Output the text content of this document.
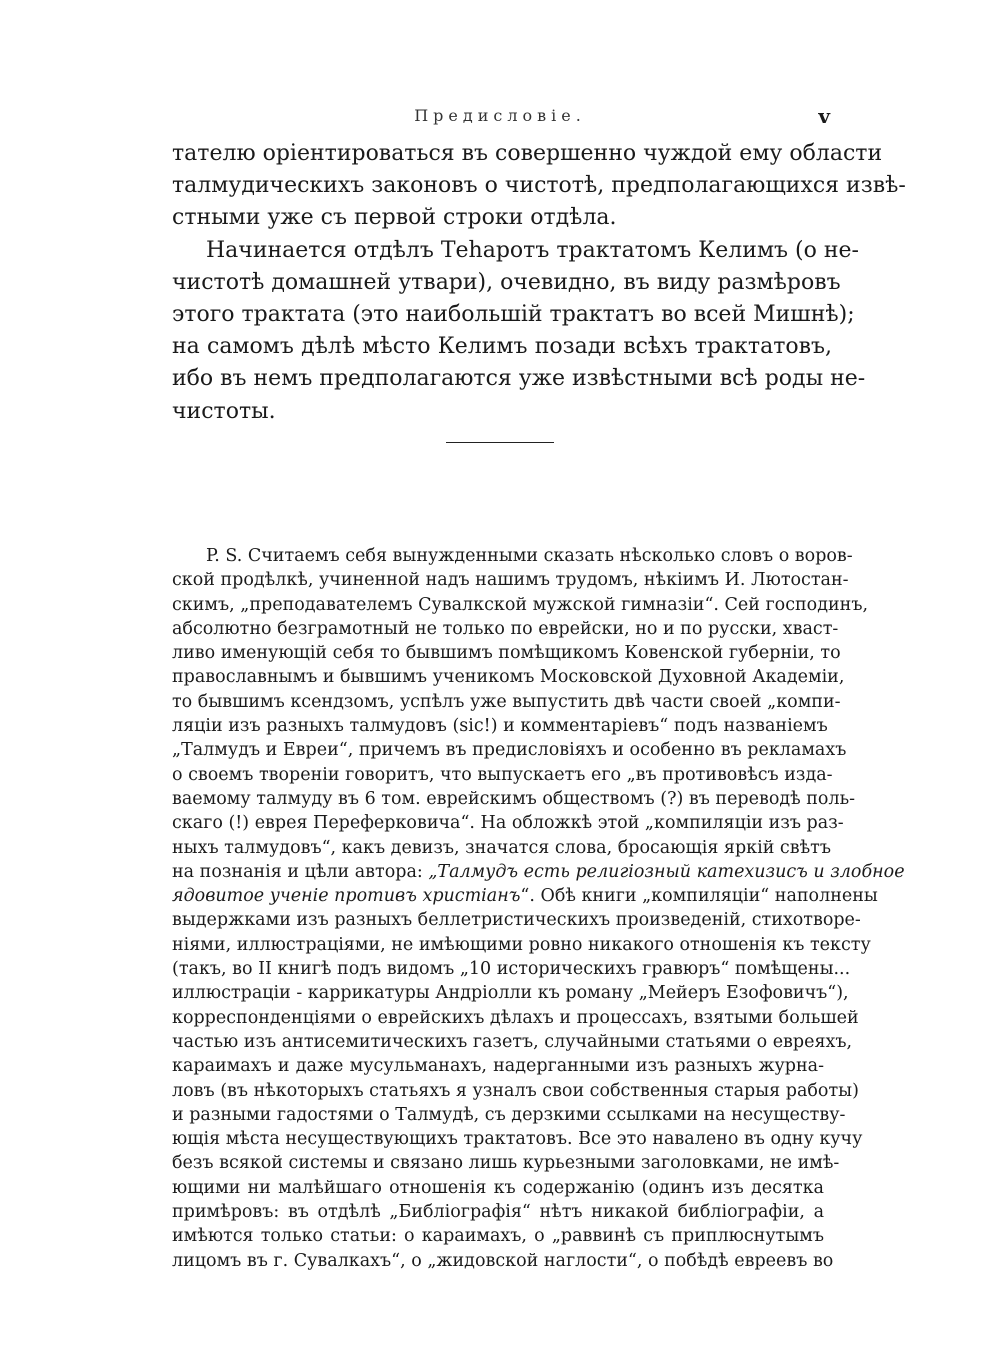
Предисловіе.	v
тателю оріентироваться въ совершенно чуждой ему области
талмудическихъ законовъ о чистотѣ, предполагающихся извѣ-
стными уже съ первой строки отдѣла.
Начинается отдѣлъ Теһаротъ трактатомъ Келимъ (о не-
чистотѣ домашней утвари), очевидно, въ виду размѣровъ
этого трактата (это наибольшій трактатъ во всей Мишнѣ);
на самомъ дѣлѣ мѣсто Келимъ позади всѣхъ трактатовъ,
ибо въ немъ предполагаются уже извѣстными всѣ роды не-
чистоты.
P. S. Считаемъ себя вынужденными сказать нѣсколько словъ о воров-
ской продѣлкѣ, учиненной надъ нашимъ трудомъ, нѣкіимъ И. Лютостан-
скимъ, „преподавателемъ Сувалкской мужской гимназіи“. Сей господинъ,
абсолютно безграмотный не только по еврейски, но и по русски, хваст-
ливо именующій себя то бывшимъ помѣщикомъ Ковенской губерніи, то
православнымъ и бывшимъ ученикомъ Московской Духовной Академіи,
то бывшимъ ксендзомъ, успѣлъ уже выпустить двѣ части своей „компи-
ляціи изъ разныхъ талмудовъ (sic!) и комментаріевъ“ подъ названіемъ
„Талмудъ и Евреи“, причемъ въ предисловіяхъ и особенно въ рекламахъ
о своемъ твореніи говоритъ, что выпускаетъ его „въ противовѣсъ изда-
ваемому талмуду въ 6 том. еврейскимъ обществомъ (?) въ переводѣ поль-
скаго (!) еврея Переферковича“. На обложкѣ этой „компиляціи изъ раз-
ныхъ талмудовъ“, какъ девизъ, значатся слова, бросающія яркій свѣтъ
на познанія и цѣли автора: „Талмудъ есть религіозный катехизисъ и злобное
ядовитое ученіе противъ христіанъ“. Обѣ книги „компиляціи“ наполнены
выдержками изъ разныхъ беллетристическихъ произведеній, стихотворе-
ніями, иллюстраціями, не имѣющими ровно никакого отношенія къ тексту
(такъ, во II книгѣ подъ видомъ „10 историческихъ гравюръ“ помѣщены...
иллюстраціи - каррикатуры Андріолли къ роману „Мейеръ Езофовичъ“),
корреспонденціями о еврейскихъ дѣлахъ и процессахъ, взятыми большей
частью изъ антисемитическихъ газетъ, случайными статьями о евреяхъ,
караимахъ и даже мусульманахъ, надерганными изъ разныхъ журна-
ловъ (въ нѣкоторыхъ статьяхъ я узналъ свои собственныя старыя работы)
и разными гадостями о Талмудѣ, съ дерзкими ссылками на несуществу-
ющія мѣста несуществующихъ трактатовъ. Все это навалено въ одну кучу
безъ всякой системы и связано лишь курьезными заголовками, не имѣ-
ющими ни малѣйшаго отношенія къ содержанію (одинъ изъ десятка
примѣровъ: въ отдѣлѣ „Библіографія“ нѣтъ никакой библіографіи, а
имѣются только статьи: о караимахъ, о „раввинѣ съ приплюснутымъ
лицомъ въ г. Сувалкахъ“, о „жидовской наглости“, о побѣдѣ евреевъ во
